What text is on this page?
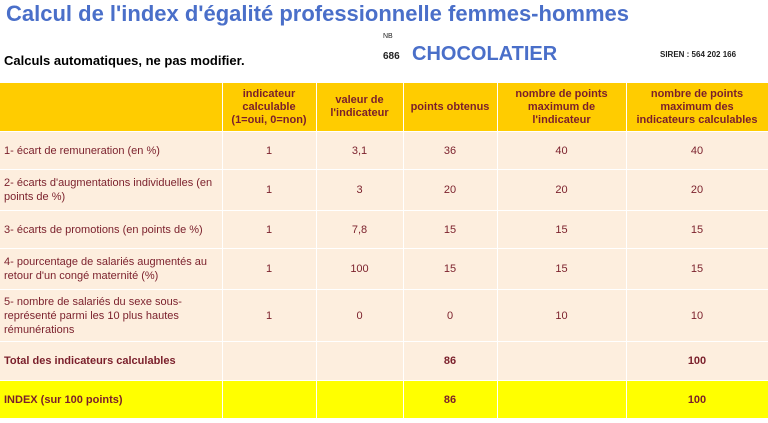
Calcul de l'index d'égalité professionnelle femmes-hommes
Calculs automatiques, ne pas modifier.
NB
686 CHOCOLATIER	SIREN : 564 202 166
	indicateur calculable (1=oui, 0=non)	valeur de l'indicateur	points obtenus	nombre de points maximum de l'indicateur	nombre de points maximum des indicateurs calculables
1- écart de remuneration (en %)	1	3,1	36	40	40
2- écarts d'augmentations individuelles (en points de %)	1	3	20	20	20
3- écarts de promotions (en points de %)	1	7,8	15	15	15
4- pourcentage de salariés augmentés au retour d'un congé maternité (%)	1	100	15	15	15
5- nombre de salariés du sexe sous-représenté parmi les 10 plus hautes rémunérations	1	0	0	10	10
Total des indicateurs calculables			86		100
INDEX (sur 100 points)			86		100
